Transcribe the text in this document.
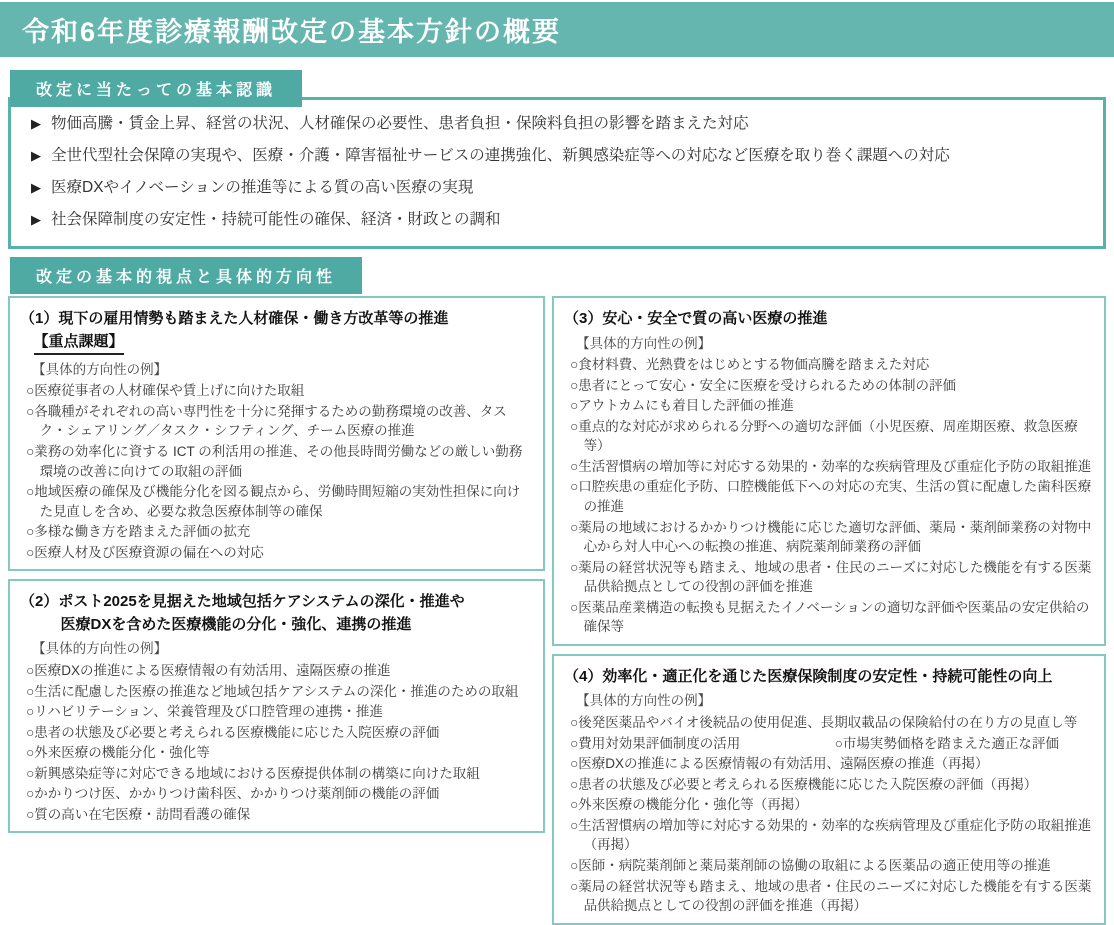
令和6年度診療報酬改定の基本方針の概要
改定に当たっての基本認識
▶ 物価高騰・賃金上昇、経営の状況、人材確保の必要性、患者負担・保険料負担の影響を踏まえた対応
▶ 全世代型社会保障の実現や、医療・介護・障害福祉サービスの連携強化、新興感染症等への対応など医療を取り巻く課題への対応
▶ 医療DXやイノベーションの推進等による質の高い医療の実現
▶ 社会保障制度の安定性・持続可能性の確保、経済・財政との調和
改定の基本的視点と具体的方向性
（1）現下の雇用情勢も踏まえた人材確保・働き方改革等の推進
【重点課題】
【具体的方向性の例】
○医療従事者の人材確保や賃上げに向けた取組
○各職種がそれぞれの高い専門性を十分に発揮するための勤務環境の改善、タスク・シェアリング／タスク・シフティング、チーム医療の推進
○業務の効率化に資する ICT の利活用の推進、その他長時間労働などの厳しい勤務環境の改善に向けての取組の評価
○地域医療の確保及び機能分化を図る観点から、労働時間短縮の実効性担保に向けた見直しを含め、必要な救急医療体制等の確保
○多様な働き方を踏まえた評価の拡充
○医療人材及び医療資源の偏在への対応
（2）ポスト2025を見据えた地域包括ケアシステムの深化・推進や
医療DXを含めた医療機能の分化・強化、連携の推進
【具体的方向性の例】
○医療DXの推進による医療情報の有効活用、遠隔医療の推進
○生活に配慮した医療の推進など地域包括ケアシステムの深化・推進のための取組
○リハビリテーション、栄養管理及び口腔管理の連携・推進
○患者の状態及び必要と考えられる医療機能に応じた入院医療の評価
○外来医療の機能分化・強化等
○新興感染症等に対応できる地域における医療提供体制の構築に向けた取組
○かかりつけ医、かかりつけ歯科医、かかりつけ薬剤師の機能の評価
○質の高い在宅医療・訪問看護の確保
（3）安心・安全で質の高い医療の推進
【具体的方向性の例】
○食材料費、光熱費をはじめとする物価高騰を踏まえた対応
○患者にとって安心・安全に医療を受けられるための体制の評価
○アウトカムにも着目した評価の推進
○重点的な対応が求められる分野への適切な評価（小児医療、周産期医療、救急医療等）
○生活習慣病の増加等に対応する効果的・効率的な疾病管理及び重症化予防の取組推進
○口腔疾患の重症化予防、口腔機能低下への対応の充実、生活の質に配慮した歯科医療の推進
○薬局の地域におけるかかりつけ機能に応じた適切な評価、薬局・薬剤師業務の対物中心から対人中心への転換の推進、病院薬剤師業務の評価
○薬局の経営状況等も踏まえ、地域の患者・住民のニーズに対応した機能を有する医薬品供給拠点としての役割の評価を推進
○医薬品産業構造の転換も見据えたイノベーションの適切な評価や医薬品の安定供給の確保等
（4）効率化・適正化を通じた医療保険制度の安定性・持続可能性の向上
【具体的方向性の例】
○後発医薬品やバイオ後続品の使用促進、長期収載品の保険給付の在り方の見直し等
○費用対効果評価制度の活用　　　　　　　○市場実勢価格を踏まえた適正な評価
○医療DXの推進による医療情報の有効活用、遠隔医療の推進（再掲）
○患者の状態及び必要と考えられる医療機能に応じた入院医療の評価（再掲）
○外来医療の機能分化・強化等（再掲）
○生活習慣病の増加等に対応する効果的・効率的な疾病管理及び重症化予防の取組推進（再掲）
○医師・病院薬剤師と薬局薬剤師の協働の取組による医薬品の適正使用等の推進
○薬局の経営状況等も踏まえ、地域の患者・住民のニーズに対応した機能を有する医薬品供給拠点としての役割の評価を推進（再掲）
